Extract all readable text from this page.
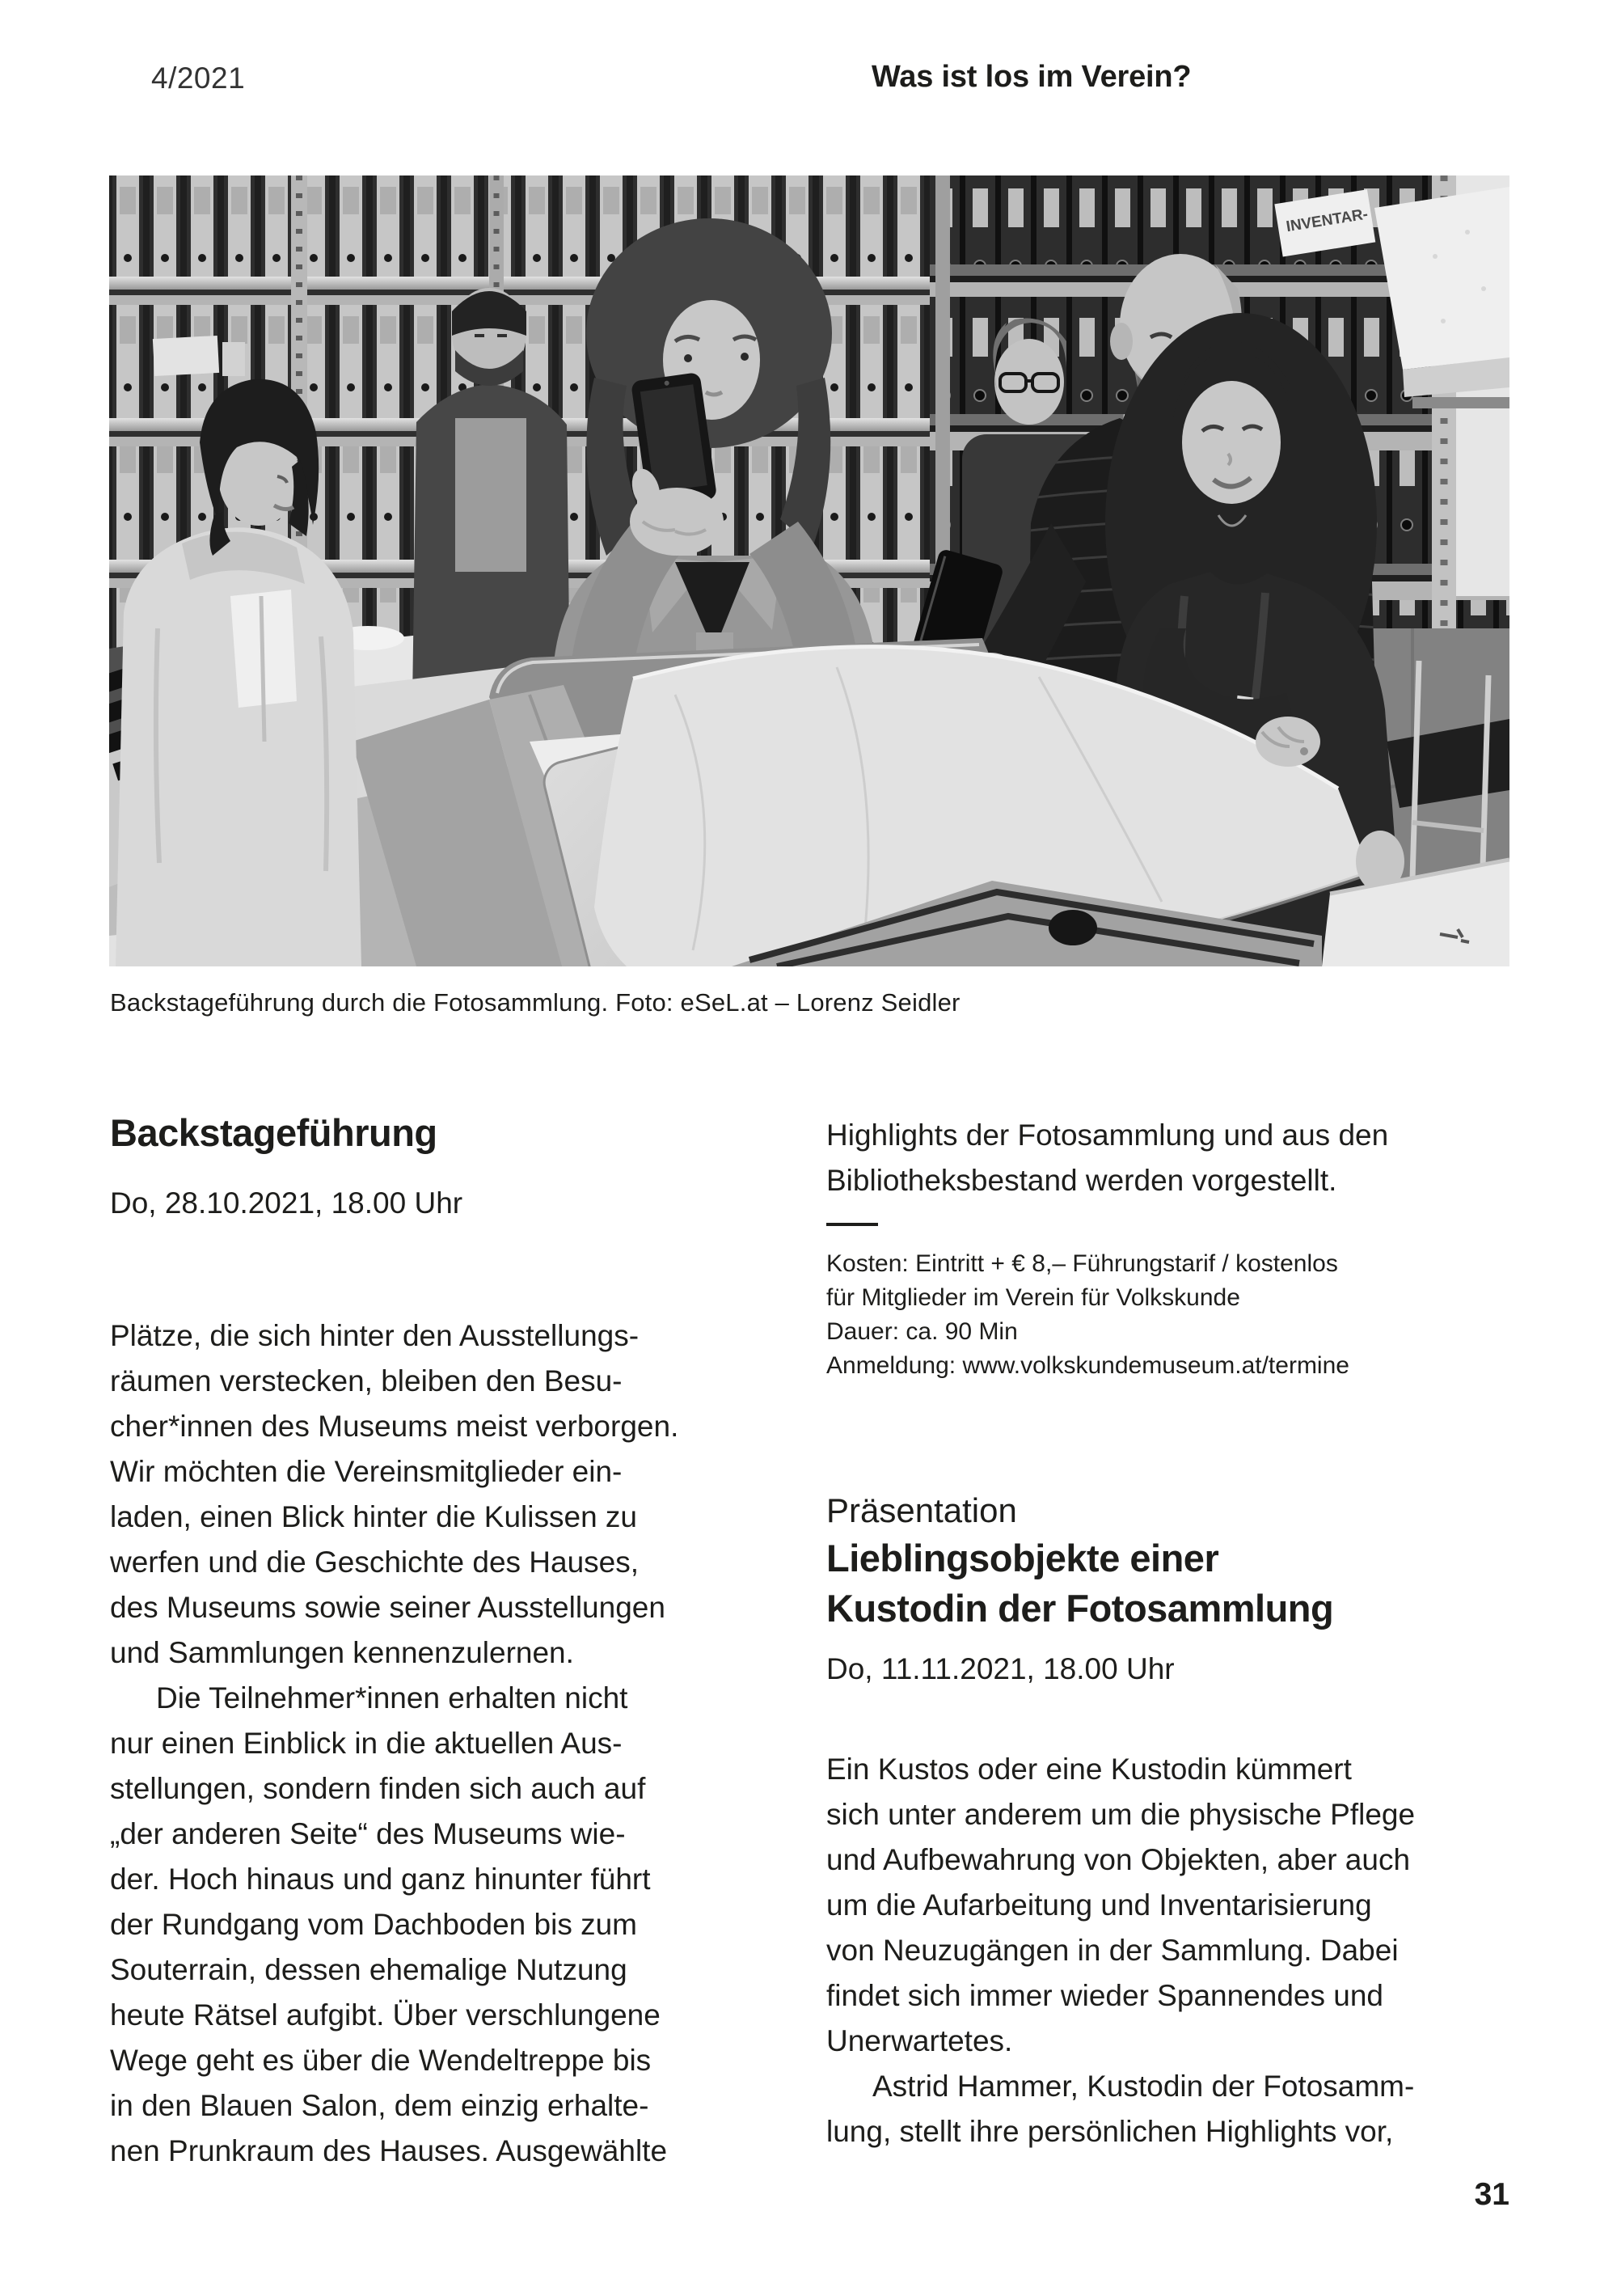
4/2021	Was ist los im Verein?
INVENTAR-
Backstageführung durch die Fotosammlung. Foto: eSeL.at – Lorenz Seidler
Backstageführung
Do, 28.10.2021, 18.00 Uhr
Plätze, die sich hinter den Ausstellungs-
räumen verstecken, bleiben den Besu-
cher*innen des Museums meist verborgen.
Wir möchten die Vereinsmitglieder ein-
laden, einen Blick hinter die Kulissen zu
werfen und die Geschichte des Hauses,
des Museums sowie seiner Ausstellungen
und Sammlungen kennenzulernen.
Die Teilnehmer*innen erhalten nicht
nur einen Einblick in die aktuellen Aus-
stellungen, sondern finden sich auch auf
„der anderen Seite“ des Museums wie-
der. Hoch hinaus und ganz hinunter führt
der Rundgang vom Dachboden bis zum
Souterrain, dessen ehemalige Nutzung
heute Rätsel aufgibt. Über verschlungene
Wege geht es über die Wendeltreppe bis
in den Blauen Salon, dem einzig erhalte-
nen Prunkraum des Hauses. Ausgewählte
Highlights der Fotosammlung und aus den
Bibliotheksbestand werden vorgestellt.
Kosten: Eintritt + € 8,– Führungstarif / kostenlos
für Mitglieder im Verein für Volkskunde
Dauer: ca. 90 Min
Anmeldung: www.volkskundemuseum.at/termine
Präsentation
Lieblingsobjekte einer
Kustodin der Fotosammlung
Do, 11.11.2021, 18.00 Uhr
Ein Kustos oder eine Kustodin kümmert
sich unter anderem um die physische Pflege
und Aufbewahrung von Objekten, aber auch
um die Aufarbeitung und Inventarisierung
von Neuzugängen in der Sammlung. Dabei
findet sich immer wieder Spannendes und
Unerwartetes.
Astrid Hammer, Kustodin der Fotosamm-
lung, stellt ihre persönlichen Highlights vor,
31
